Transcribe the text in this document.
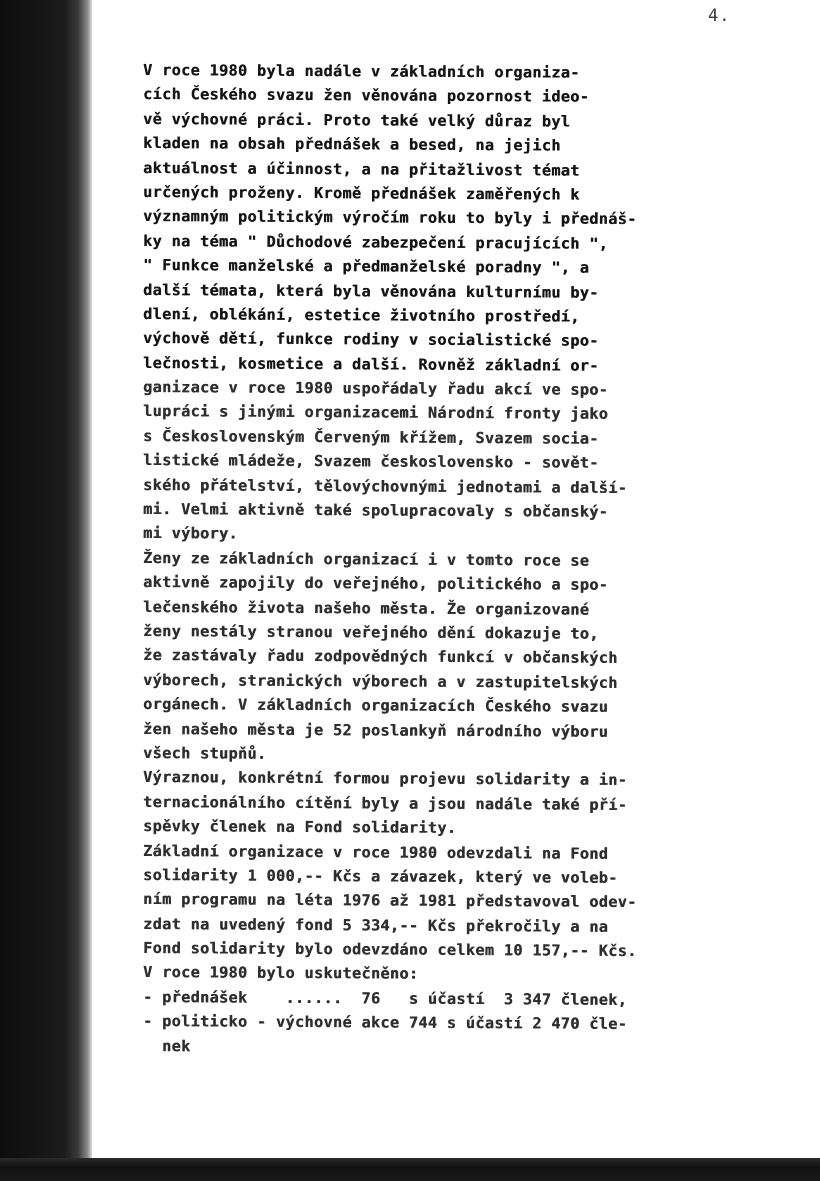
4.
V roce 1980 byla nadále v základních organiza-
cích Českého svazu žen věnována pozornost ideo-
vě výchovné práci. Proto také velký důraz byl
kladen na obsah přednášek a besed, na jejich
aktuálnost a účinnost, a na přitažlivost témat
určených proženy. Kromě přednášek zaměřených k
významným politickým výročím roku to byly i přednáš-
ky na téma " Důchodové zabezpečení pracujících ",
" Funkce manželské a předmanželské poradny ", a
další témata, která byla věnována kulturnímu by-
dlení, oblékání, estetice životního prostředí,
výchově dětí, funkce rodiny v socialistické spo-
lečnosti, kosmetice a další. Rovněž základní or-
ganizace v roce 1980 uspořádaly řadu akcí ve spo-
lupráci s jinými organizacemi Národní fronty jako
s Československým Červeným křížem, Svazem socia-
listické mládeže, Svazem československo - sovět-
ského přátelství, tělovýchovnými jednotami a další-
mi. Velmi aktivně také spolupracovaly s občanský-
mi výbory.
Ženy ze základních organizací i v tomto roce se
aktivně zapojily do veřejného, politického a spo-
lečenského života našeho města. Že organizované
ženy nestály stranou veřejného dění dokazuje to,
že zastávaly řadu zodpovědných funkcí v občanských
výborech, stranických výborech a v zastupitelských
orgánech. V základních organizacích Českého svazu
žen našeho města je 52 poslankyň národního výboru
všech stupňů.
Výraznou, konkrétní formou projevu solidarity a in-
ternacionálního cítění byly a jsou nadále také pří-
spěvky členek na Fond solidarity.
Základní organizace v roce 1980 odevzdali na Fond
solidarity 1 000,-- Kčs a závazek, který ve voleb-
ním programu na léta 1976 až 1981 představoval odev-
zdat na uvedený fond 5 334,-- Kčs překročily a na
Fond solidarity bylo odevzdáno celkem 10 157,-- Kčs.
V roce 1980 bylo uskutečněno:
- přednášek    ......  76   s účastí  3 347 členek,
- politicko - výchovné akce 744 s účastí 2 470 čle-
nek
